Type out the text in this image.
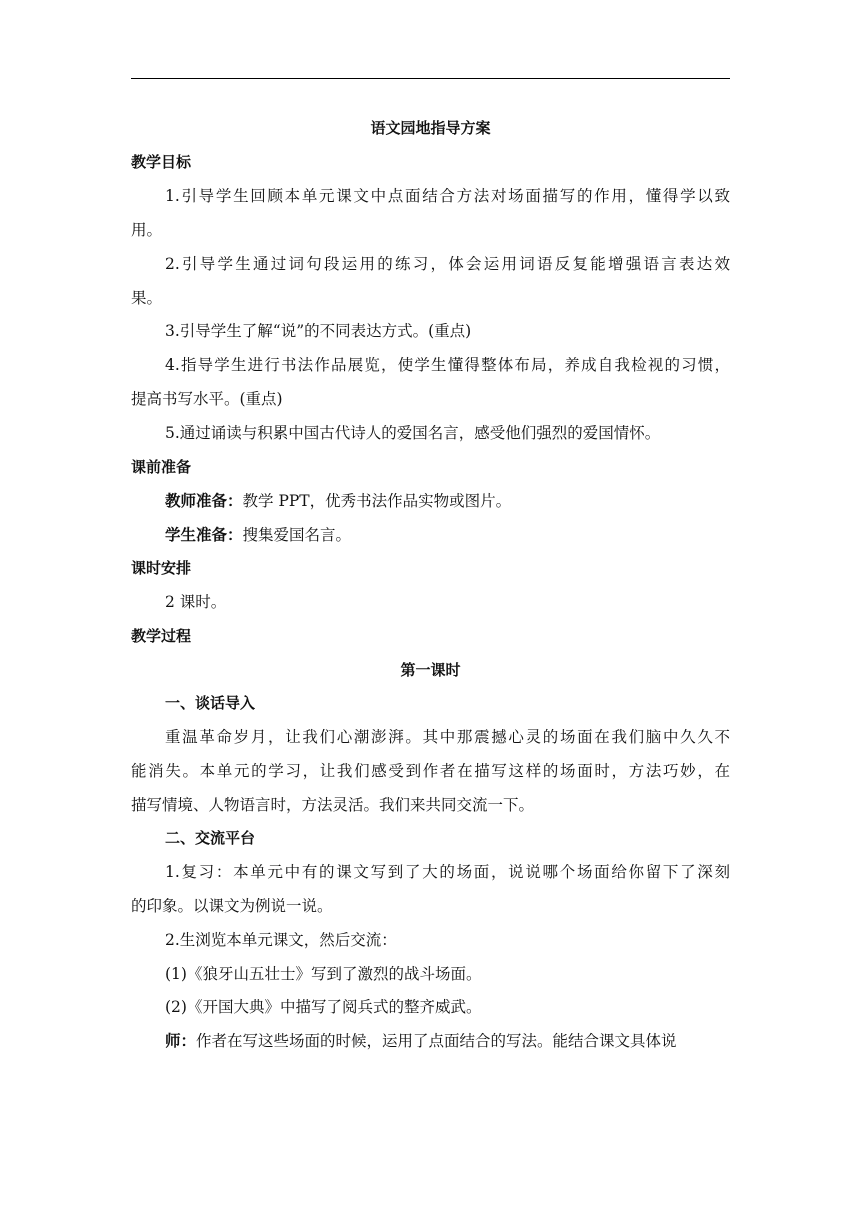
语文园地指导方案
教学目标
1.引导学生回顾本单元课文中点面结合方法对场面描写的作用，懂得学以致
用。
2.引导学生通过词句段运用的练习，体会运用词语反复能增强语言表达效
果。
3.引导学生了解“说”的不同表达方式。(重点)
4.指导学生进行书法作品展览，使学生懂得整体布局，养成自我检视的习惯，
提高书写水平。(重点)
5.通过诵读与积累中国古代诗人的爱国名言，感受他们强烈的爱国情怀。
课前准备
教师准备：教学 PPT，优秀书法作品实物或图片。
学生准备：搜集爱国名言。
课时安排
2 课时。
教学过程
第一课时
一、谈话导入
重温革命岁月，让我们心潮澎湃。其中那震撼心灵的场面在我们脑中久久不
能消失。本单元的学习，让我们感受到作者在描写这样的场面时，方法巧妙，在
描写情境、人物语言时，方法灵活。我们来共同交流一下。
二、交流平台
1.复习：本单元中有的课文写到了大的场面，说说哪个场面给你留下了深刻
的印象。以课文为例说一说。
2.生浏览本单元课文，然后交流：
(1)《狼牙山五壮士》写到了激烈的战斗场面。
(2)《开国大典》中描写了阅兵式的整齐威武。
师：作者在写这些场面的时候，运用了点面结合的写法。能结合课文具体说
